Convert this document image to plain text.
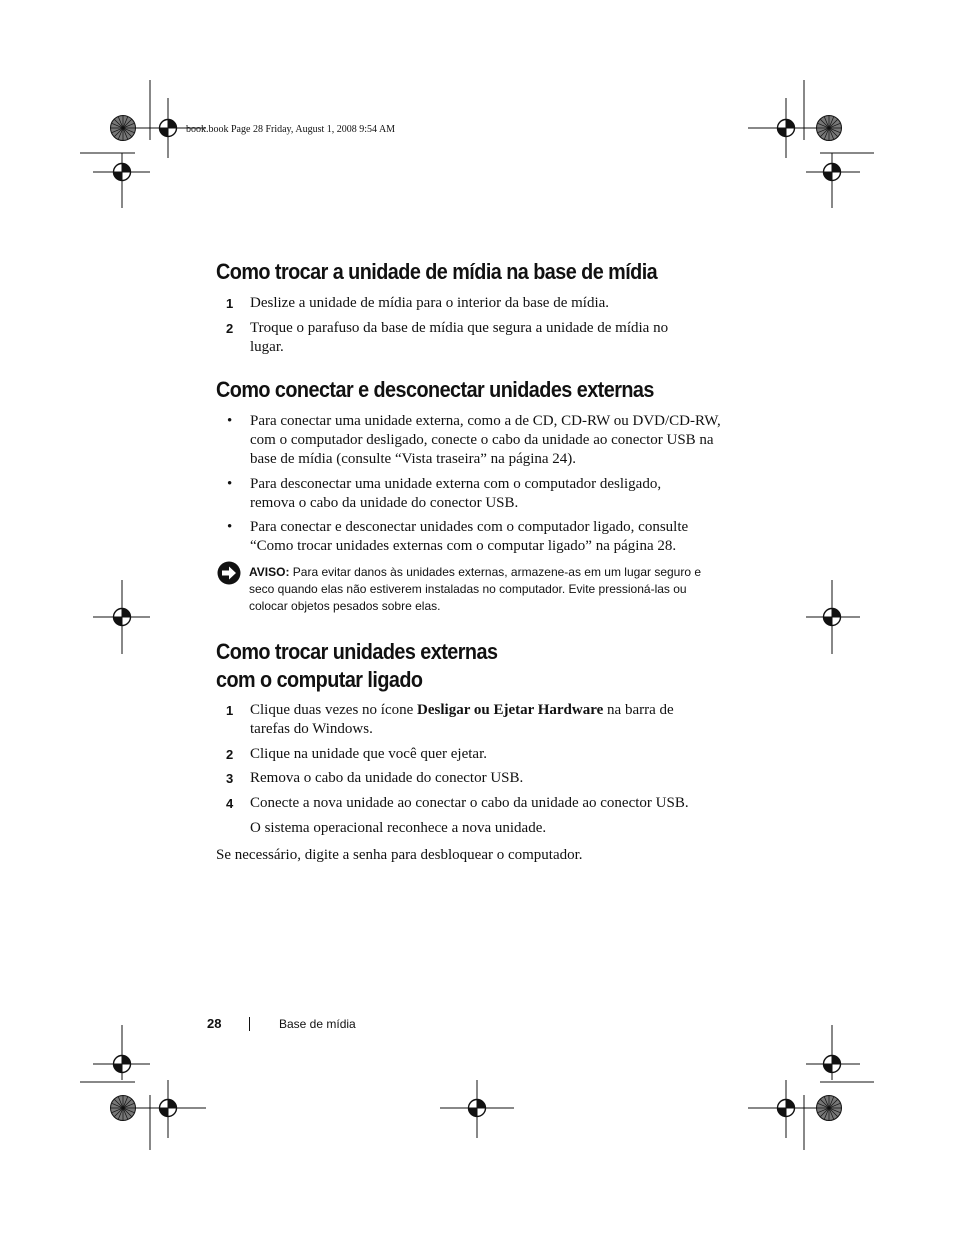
book.book Page 28 Friday, August 1, 2008 9:54 AM
Como trocar a unidade de mídia na base de mídia
1	Deslize a unidade de mídia para o interior da base de mídia.
2	Troque o parafuso da base de mídia que segura a unidade de mídia no lugar.
Como conectar e desconectar unidades externas
•	Para conectar uma unidade externa, como a de CD, CD-RW ou DVD/CD-RW, com o computador desligado, conecte o cabo da unidade ao conector USB na base de mídia (consulte “Vista traseira” na página 24).
•	Para desconectar uma unidade externa com o computador desligado, remova o cabo da unidade do conector USB.
•	Para conectar e desconectar unidades com o computador ligado, consulte “Como trocar unidades externas com o computar ligado” na página 28.
AVISO: Para evitar danos às unidades externas, armazene-as em um lugar seguro e seco quando elas não estiverem instaladas no computador. Evite pressioná-las ou colocar objetos pesados sobre elas.
Como trocar unidades externas
com o computar ligado
1	Clique duas vezes no ícone Desligar ou Ejetar Hardware na barra de tarefas do Windows.
2	Clique na unidade que você quer ejetar.
3	Remova o cabo da unidade do conector USB.
4	Conecte a nova unidade ao conectar o cabo da unidade ao conector USB.
O sistema operacional reconhece a nova unidade.
Se necessário, digite a senha para desbloquear o computador.
28	Base de mídia
